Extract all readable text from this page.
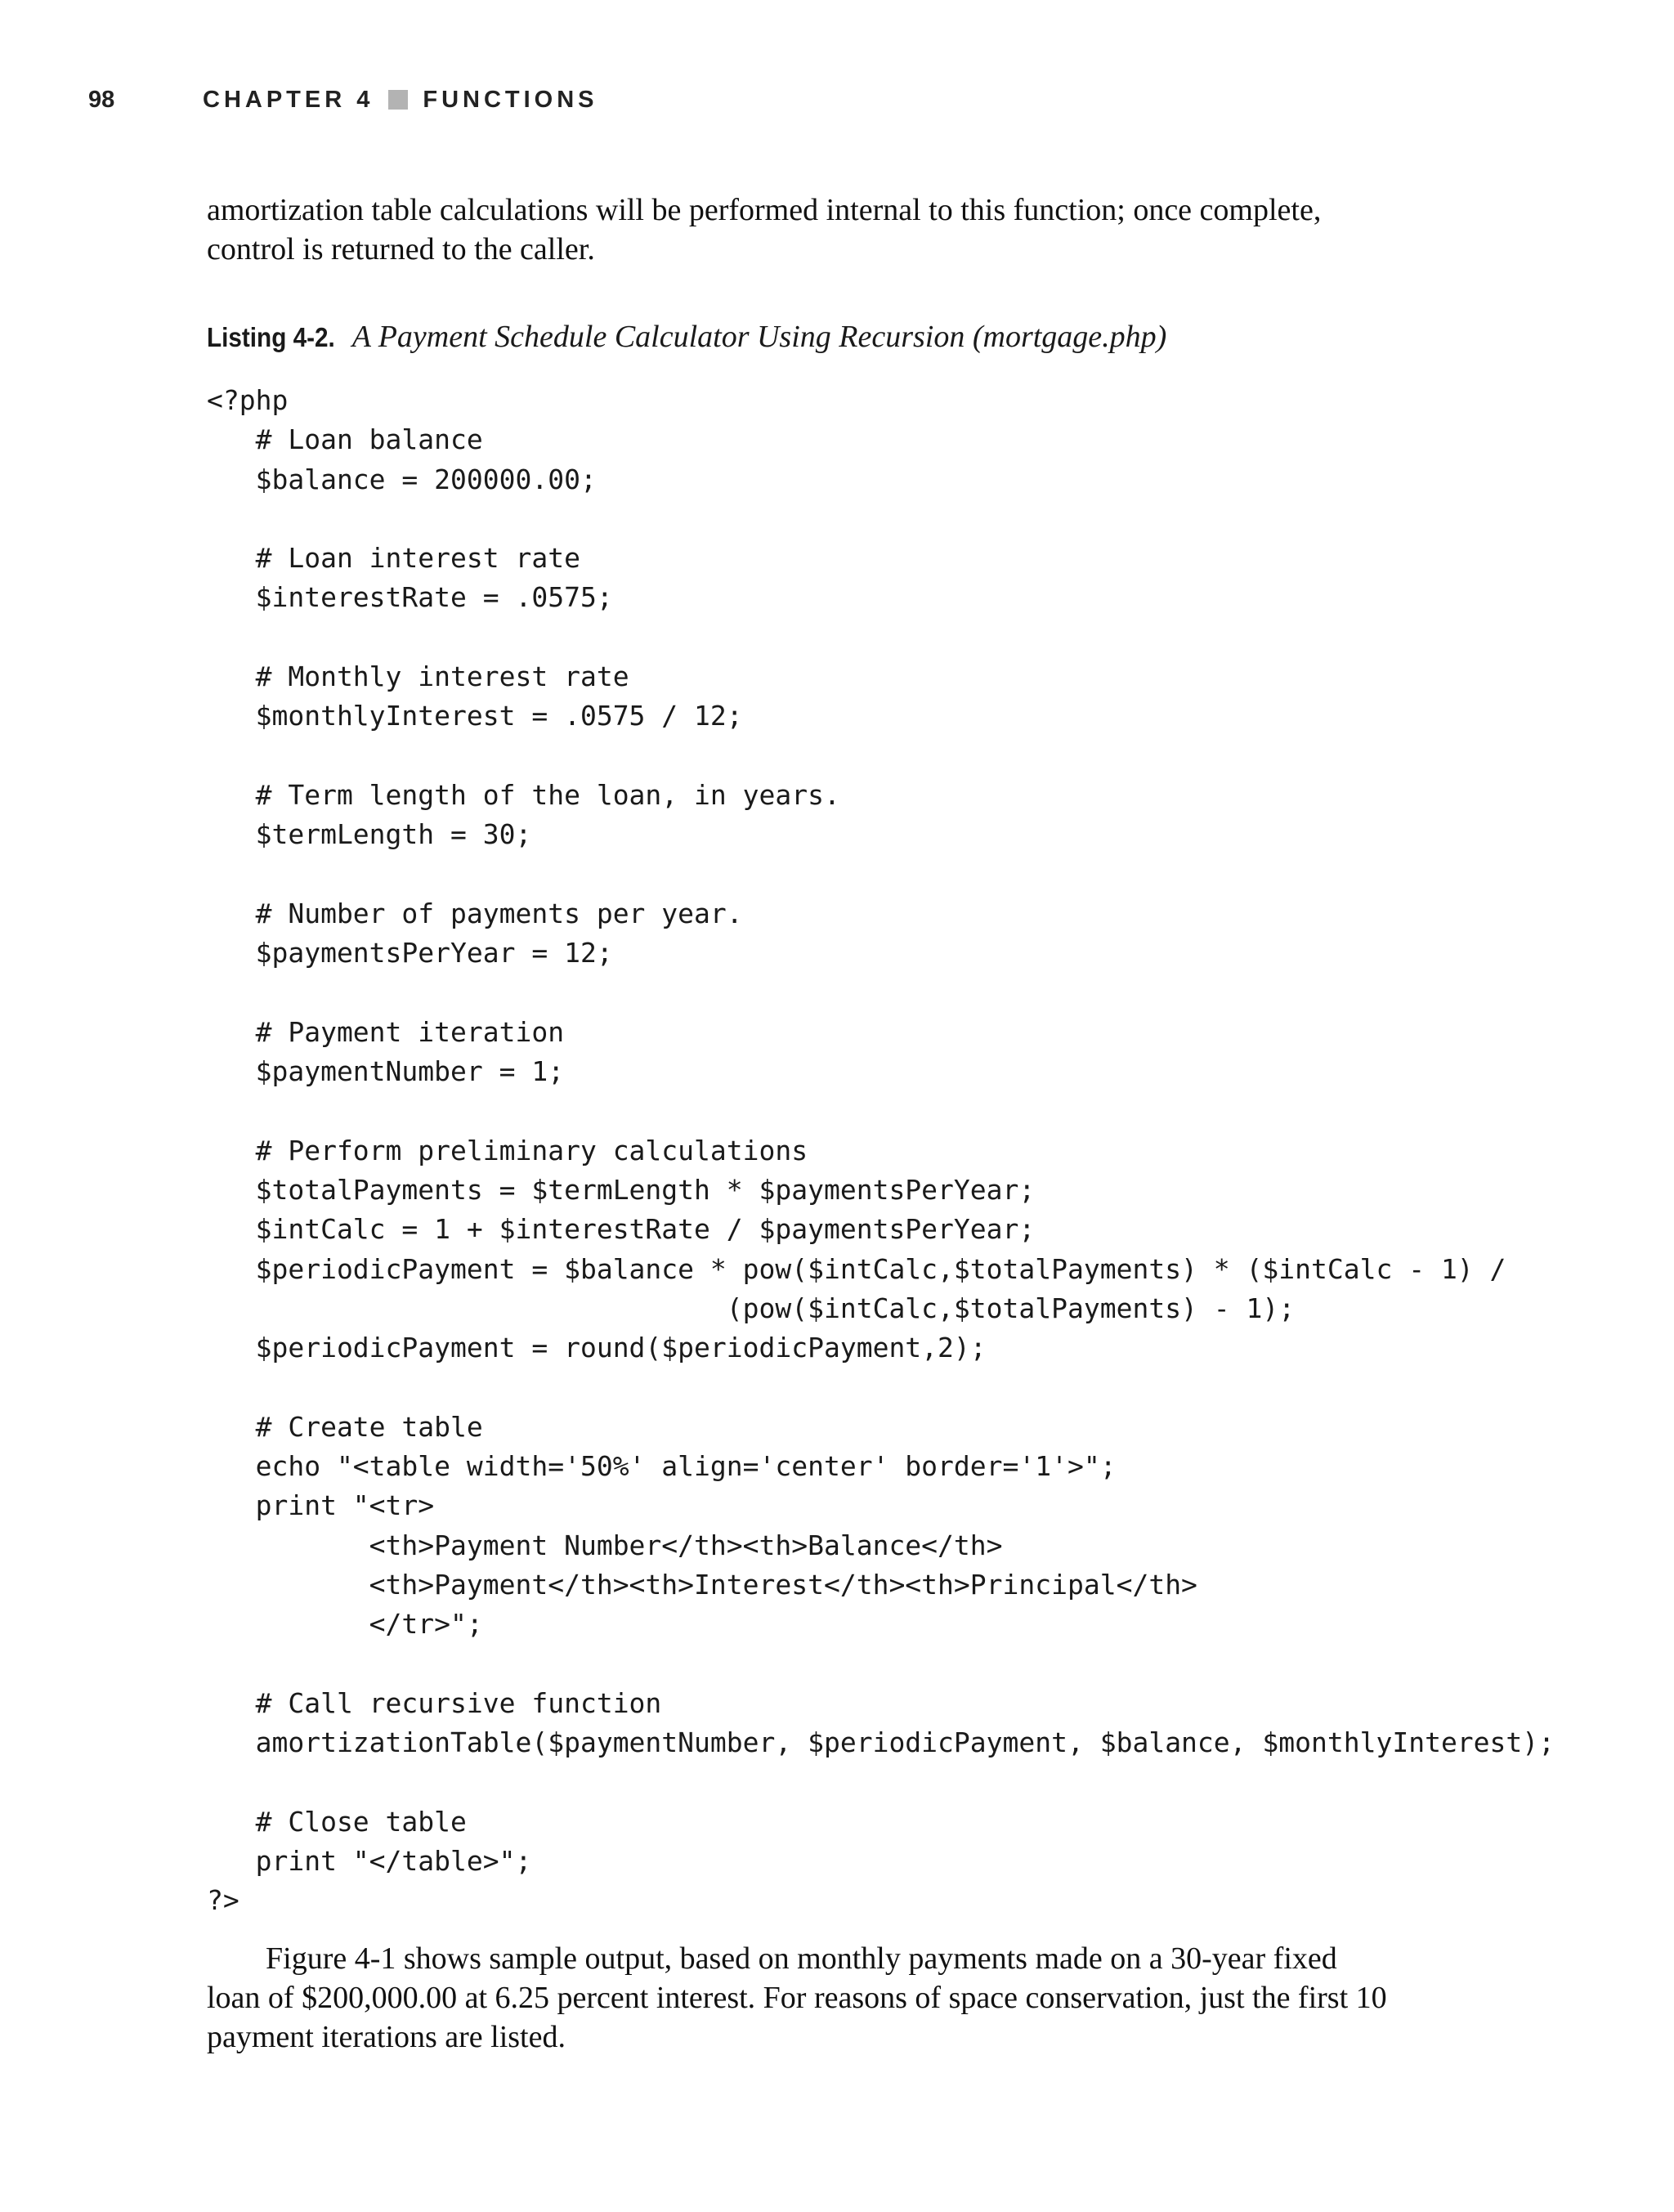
98	CHAPTER 4 FUNCTIONS

amortization table calculations will be performed internal to this function; once complete,
control is returned to the caller.

Listing 4-2. A Payment Schedule Calculator Using Recursion (mortgage.php)

<?php
# Loan balance
$balance = 200000.00;
# Loan interest rate
$interestRate = .0575;
# Monthly interest rate
$monthlyInterest = .0575 / 12;
# Term length of the loan, in years.
$termLength = 30;
# Number of payments per year.
$paymentsPerYear = 12;
# Payment iteration
$paymentNumber = 1;
# Perform preliminary calculations
$totalPayments = $termLength * $paymentsPerYear;
$intCalc = 1 + $interestRate / $paymentsPerYear;
$periodicPayment = $balance * pow($intCalc,$totalPayments) * ($intCalc - 1) /
(pow($intCalc,$totalPayments) - 1);
$periodicPayment = round($periodicPayment,2);
# Create table
echo "<table width='50%' align='center' border='1'>";
print "<tr>
<th>Payment Number</th><th>Balance</th>
<th>Payment</th><th>Interest</th><th>Principal</th>
</tr>";
# Call recursive function
amortizationTable($paymentNumber, $periodicPayment, $balance, $monthlyInterest);
# Close table
print "</table>";
?>

Figure 4-1 shows sample output, based on monthly payments made on a 30-year fixed
loan of $200,000.00 at 6.25 percent interest. For reasons of space conservation, just the first 10
payment iterations are listed.
